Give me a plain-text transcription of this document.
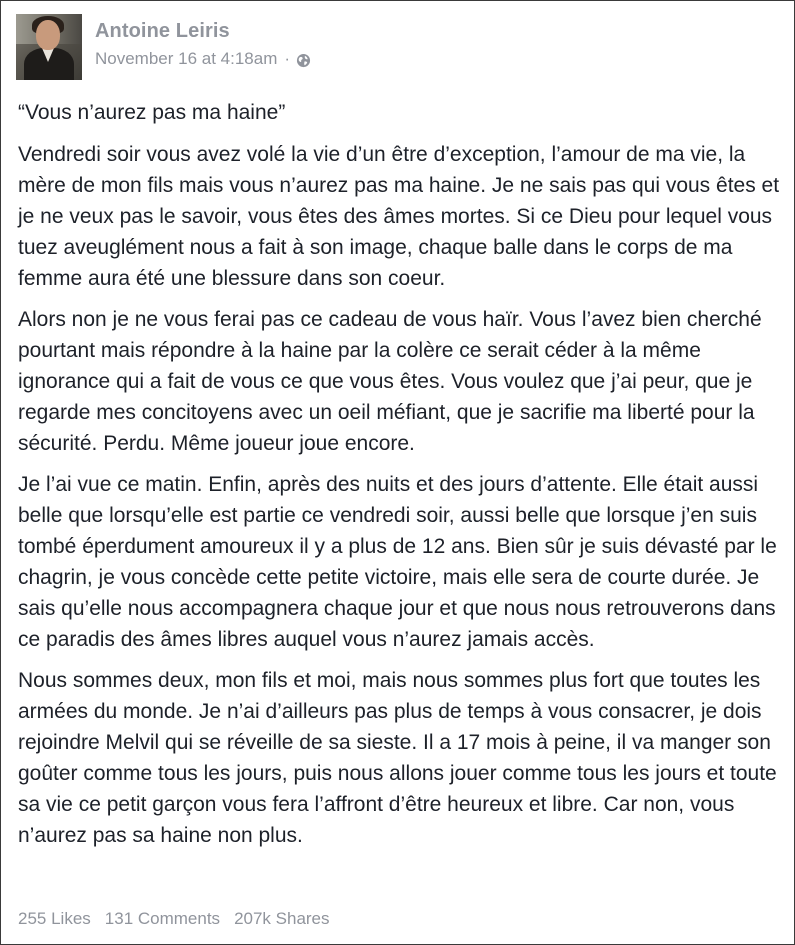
Antoine Leiris
November 16 at 4:18am ·

“Vous n’aurez pas ma haine”

Vendredi soir vous avez volé la vie d’un être d’exception, l’amour de ma vie, la mère de mon fils mais vous n’aurez pas ma haine. Je ne sais pas qui vous êtes et je ne veux pas le savoir, vous êtes des âmes mortes. Si ce Dieu pour lequel vous tuez aveuglément nous a fait à son image, chaque balle dans le corps de ma femme aura été une blessure dans son coeur.

Alors non je ne vous ferai pas ce cadeau de vous haïr. Vous l’avez bien cherché pourtant mais répondre à la haine par la colère ce serait céder à la même ignorance qui a fait de vous ce que vous êtes. Vous voulez que j’ai peur, que je regarde mes concitoyens avec un oeil méfiant, que je sacrifie ma liberté pour la sécurité. Perdu. Même joueur joue encore.

Je l’ai vue ce matin. Enfin, après des nuits et des jours d’attente. Elle était aussi belle que lorsqu’elle est partie ce vendredi soir, aussi belle que lorsque j’en suis tombé éperdument amoureux il y a plus de 12 ans. Bien sûr je suis dévasté par le chagrin, je vous concède cette petite victoire, mais elle sera de courte durée. Je sais qu’elle nous accompagnera chaque jour et que nous nous retrouverons dans ce paradis des âmes libres auquel vous n’aurez jamais accès.

Nous sommes deux, mon fils et moi, mais nous sommes plus fort que toutes les armées du monde. Je n’ai d’ailleurs pas plus de temps à vous consacrer, je dois rejoindre Melvil qui se réveille de sa sieste. Il a 17 mois à peine, il va manger son goûter comme tous les jours, puis nous allons jouer comme tous les jours et toute sa vie ce petit garçon vous fera l’affront d’être heureux et libre. Car non, vous n’aurez pas sa haine non plus.

255 Likes 131 Comments 207k Shares
